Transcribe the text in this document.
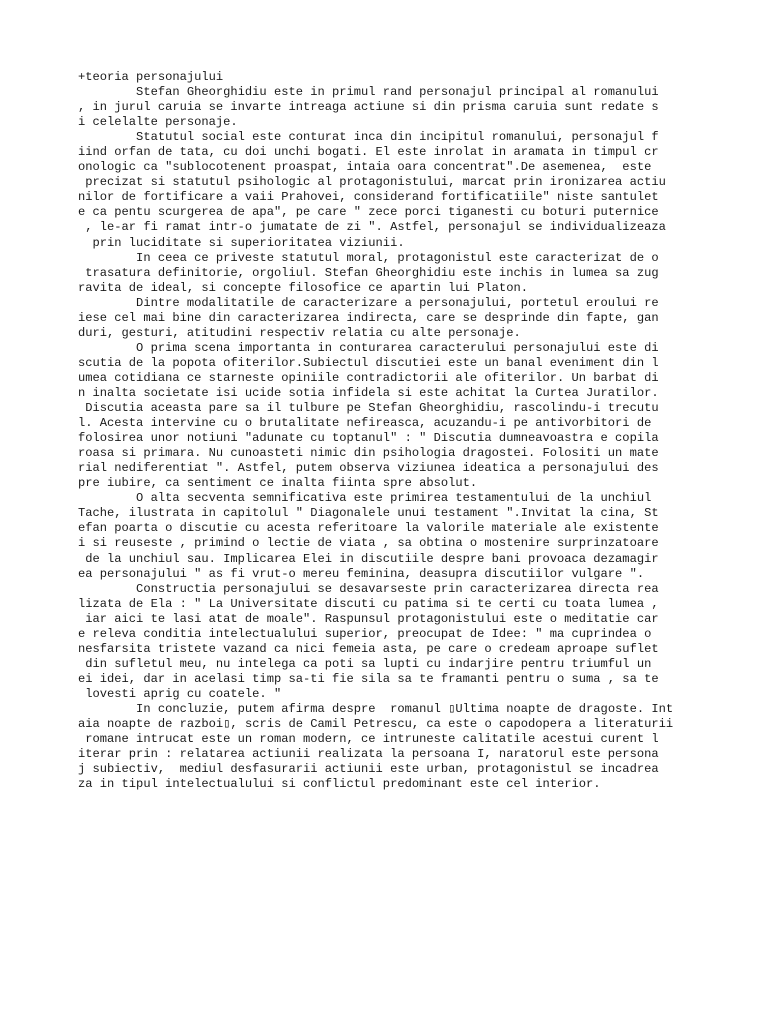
+teoria personajului
Stefan Gheorghidiu este in primul rand personajul principal al romanului
, in jurul caruia se invarte intreaga actiune si din prisma caruia sunt redate s
i celelalte personaje.
Statutul social este conturat inca din incipitul romanului, personajul f
iind orfan de tata, cu doi unchi bogati. El este inrolat in aramata in timpul cr
onologic ca "sublocotenent proaspat, intaia oara concentrat".De asemenea,  este
precizat si statutul psihologic al protagonistului, marcat prin ironizarea actiu
nilor de fortificare a vaii Prahovei, considerand fortificatiile" niste santulet
e ca pentu scurgerea de apa", pe care " zece porci tiganesti cu boturi puternice
, le-ar fi ramat intr-o jumatate de zi ". Astfel, personajul se individualizeaza
prin luciditate si superioritatea viziunii.
In ceea ce priveste statutul moral, protagonistul este caracterizat de o
trasatura definitorie, orgoliul. Stefan Gheorghidiu este inchis in lumea sa zug
ravita de ideal, si concepte filosofice ce apartin lui Platon.
Dintre modalitatile de caracterizare a personajului, portetul eroului re
iese cel mai bine din caracterizarea indirecta, care se desprinde din fapte, gan
duri, gesturi, atitudini respectiv relatia cu alte personaje.
O prima scena importanta in conturarea caracterului personajului este di
scutia de la popota ofiterilor.Subiectul discutiei este un banal eveniment din l
umea cotidiana ce starneste opiniile contradictorii ale ofiterilor. Un barbat di
n inalta societate isi ucide sotia infidela si este achitat la Curtea Juratilor.
Discutia aceasta pare sa il tulbure pe Stefan Gheorghidiu, rascolindu-i trecutu
l. Acesta intervine cu o brutalitate nefireasca, acuzandu-i pe antivorbitori de
folosirea unor notiuni "adunate cu toptanul" : " Discutia dumneavoastra e copila
roasa si primara. Nu cunoasteti nimic din psihologia dragostei. Folositi un mate
rial nediferentiat ". Astfel, putem observa viziunea ideatica a personajului des
pre iubire, ca sentiment ce inalta fiinta spre absolut.
O alta secventa semnificativa este primirea testamentului de la unchiul
Tache, ilustrata in capitolul " Diagonalele unui testament ".Invitat la cina, St
efan poarta o discutie cu acesta referitoare la valorile materiale ale existente
i si reuseste , primind o lectie de viata , sa obtina o mostenire surprinzatoare
de la unchiul sau. Implicarea Elei in discutiile despre bani provoaca dezamagir
ea personajului " as fi vrut-o mereu feminina, deasupra discutiilor vulgare ".
Constructia personajului se desavarseste prin caracterizarea directa rea
lizata de Ela : " La Universitate discuti cu patima si te certi cu toata lumea ,
iar aici te lasi atat de moale". Raspunsul protagonistului este o meditatie car
e releva conditia intelectualului superior, preocupat de Idee: " ma cuprindea o
nesfarsita tristete vazand ca nici femeia asta, pe care o credeam aproape suflet
din sufletul meu, nu intelega ca poti sa lupti cu indarjire pentru triumful un
ei idei, dar in acelasi timp sa-ti fie sila sa te framanti pentru o suma , sa te
lovesti aprig cu coatele. "
In concluzie, putem afirma despre  romanul ▯Ultima noapte de dragoste. Int
aia noapte de razboi▯, scris de Camil Petrescu, ca este o capodopera a literaturii
romane intrucat este un roman modern, ce intruneste calitatile acestui curent l
iterar prin : relatarea actiunii realizata la persoana I, naratorul este persona
j subiectiv,  mediul desfasurarii actiunii este urban, protagonistul se incadrea
za in tipul intelectualului si conflictul predominant este cel interior.
